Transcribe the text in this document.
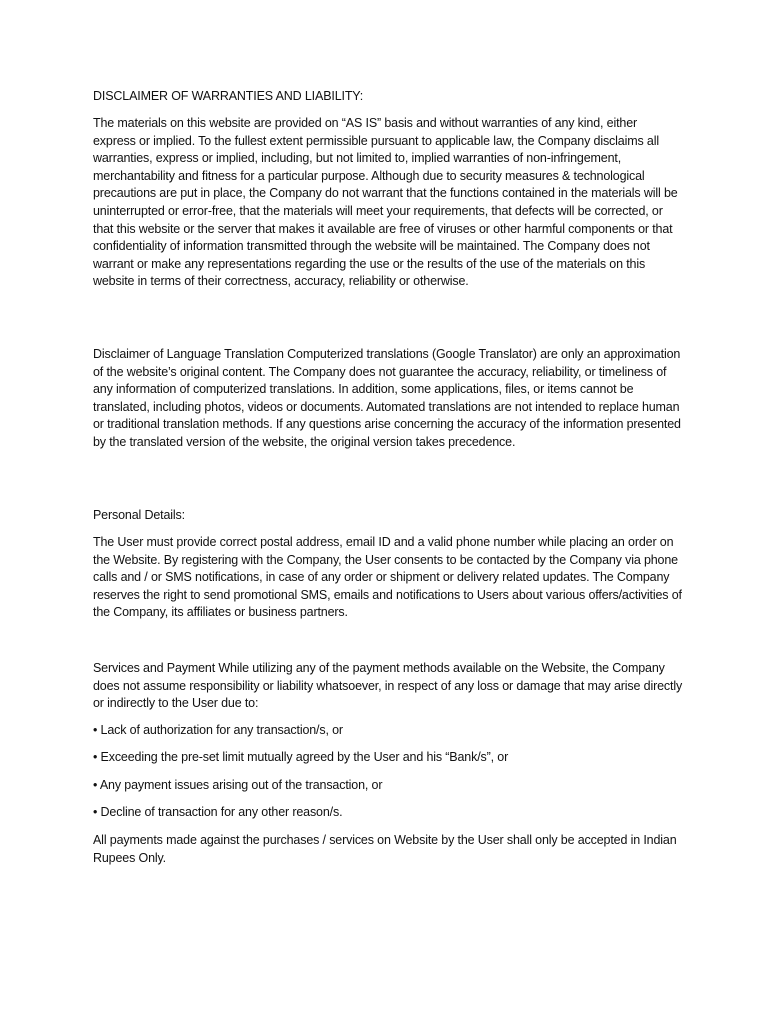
DISCLAIMER OF WARRANTIES AND LIABILITY:

The materials on this website are provided on “AS IS” basis and without warranties of any kind, either express or implied. To the fullest extent permissible pursuant to applicable law, the Company disclaims all warranties, express or implied, including, but not limited to, implied warranties of non-infringement, merchantability and fitness for a particular purpose. Although due to security measures & technological precautions are put in place, the Company do not warrant that the functions contained in the materials will be uninterrupted or error-free, that the materials will meet your requirements, that defects will be corrected, or that this website or the server that makes it available are free of viruses or other harmful components or that confidentiality of information transmitted through the website will be maintained. The Company does not warrant or make any representations regarding the use or the results of the use of the materials on this website in terms of their correctness, accuracy, reliability or otherwise.

Disclaimer of Language Translation Computerized translations (Google Translator) are only an approximation of the website’s original content. The Company does not guarantee the accuracy, reliability, or timeliness of any information of computerized translations. In addition, some applications, files, or items cannot be translated, including photos, videos or documents. Automated translations are not intended to replace human or traditional translation methods. If any questions arise concerning the accuracy of the information presented by the translated version of the website, the original version takes precedence.

Personal Details:

The User must provide correct postal address, email ID and a valid phone number while placing an order on the Website. By registering with the Company, the User consents to be contacted by the Company via phone calls and / or SMS notifications, in case of any order or shipment or delivery related updates. The Company reserves the right to send promotional SMS, emails and notifications to Users about various offers/activities of the Company, its affiliates or business partners.

Services and Payment While utilizing any of the payment methods available on the Website, the Company does not assume responsibility or liability whatsoever, in respect of any loss or damage that may arise directly or indirectly to the User due to:

• Lack of authorization for any transaction/s, or

• Exceeding the pre-set limit mutually agreed by the User and his “Bank/s”, or

• Any payment issues arising out of the transaction, or

• Decline of transaction for any other reason/s.

All payments made against the purchases / services on Website by the User shall only be accepted in Indian Rupees Only.
